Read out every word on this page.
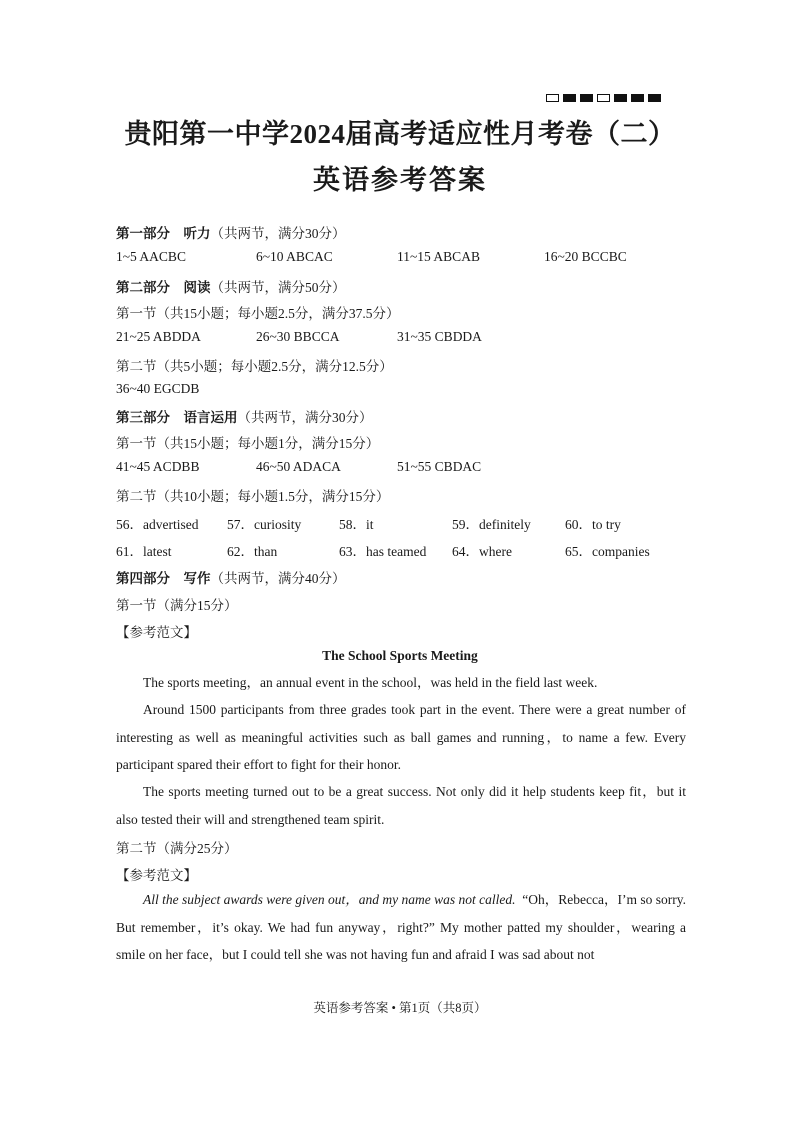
贵阳第一中学2024届高考适应性月考卷（二）
英语参考答案
第一部分　听力（共两节，满分30分）
1~5 AACBC	6~10 ABCAC	11~15 ABCAB	16~20 BCCBC
第二部分　阅读（共两节，满分50分）
第一节（共15小题；每小题2.5分，满分37.5分）
21~25 ABDDA	26~30 BBCCA	31~35 CBDDA
第二节（共5小题；每小题2.5分，满分12.5分）
36~40 EGCDB
第三部分　语言运用（共两节，满分30分）
第一节（共15小题；每小题1分，满分15分）
41~45 ACDBB	46~50 ADACA	51~55 CBDAC
第二节（共10小题；每小题1.5分，满分15分）
56．advertised 57．curiosity	58．it	59．definitely	60．to try
61．latest	62．than	63．has teamed 64．where	65．companies
第四部分　写作（共两节，满分40分）
第一节（满分15分）
【参考范文】
The School Sports Meeting
The sports meeting，an annual event in the school，was held in the field last week.
Around 1500 participants from three grades took part in the event. There were a great number of interesting as well as meaningful activities such as ball games and running，to name a few. Every participant spared their effort to fight for their honor.
The sports meeting turned out to be a great success. Not only did it help students keep fit，but it also tested their will and strengthened team spirit.
第二节（满分25分）
【参考范文】
All the subject awards were given out，and my name was not called. “Oh，Rebecca，I’m so sorry. But remember，it’s okay. We had fun anyway，right?” My mother patted my shoulder，wearing a smile on her face，but I could tell she was not having fun and afraid I was sad about not
英语参考答案 • 第1页（共8页）
